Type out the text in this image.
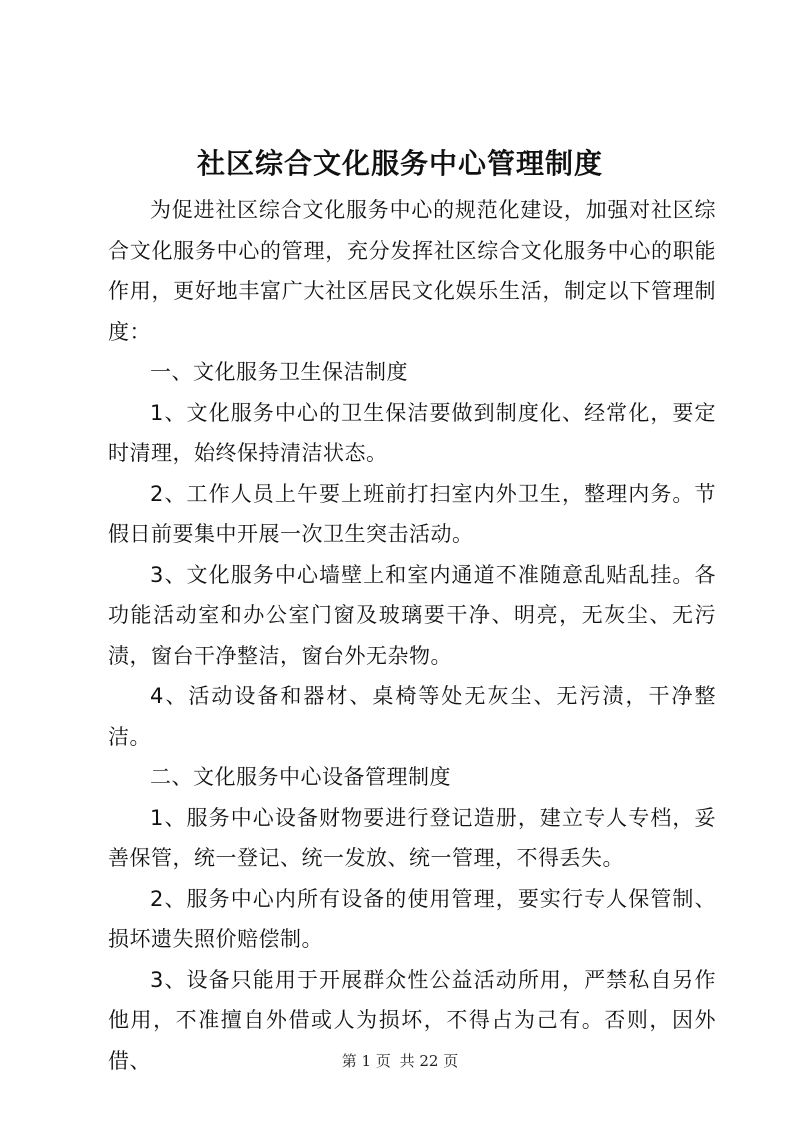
社区综合文化服务中心管理制度

为促进社区综合文化服务中心的规范化建设，加强对社区综合文化服务中心的管理，充分发挥社区综合文化服务中心的职能作用，更好地丰富广大社区居民文化娱乐生活，制定以下管理制度：

一、文化服务卫生保洁制度

1、文化服务中心的卫生保洁要做到制度化、经常化，要定时清理，始终保持清洁状态。

2、工作人员上午要上班前打扫室内外卫生，整理内务。节假日前要集中开展一次卫生突击活动。

3、文化服务中心墙壁上和室内通道不准随意乱贴乱挂。各功能活动室和办公室门窗及玻璃要干净、明亮，无灰尘、无污渍，窗台干净整洁，窗台外无杂物。

4、活动设备和器材、桌椅等处无灰尘、无污渍，干净整洁。

二、文化服务中心设备管理制度

1、服务中心设备财物要进行登记造册，建立专人专档，妥善保管，统一登记、统一发放、统一管理，不得丢失。

2、服务中心内所有设备的使用管理，要实行专人保管制、损坏遗失照价赔偿制。

3、设备只能用于开展群众性公益活动所用，严禁私自另作他用，不准擅自外借或人为损坏，不得占为己有。否则，因外借、	第 1 页 共 22 页
